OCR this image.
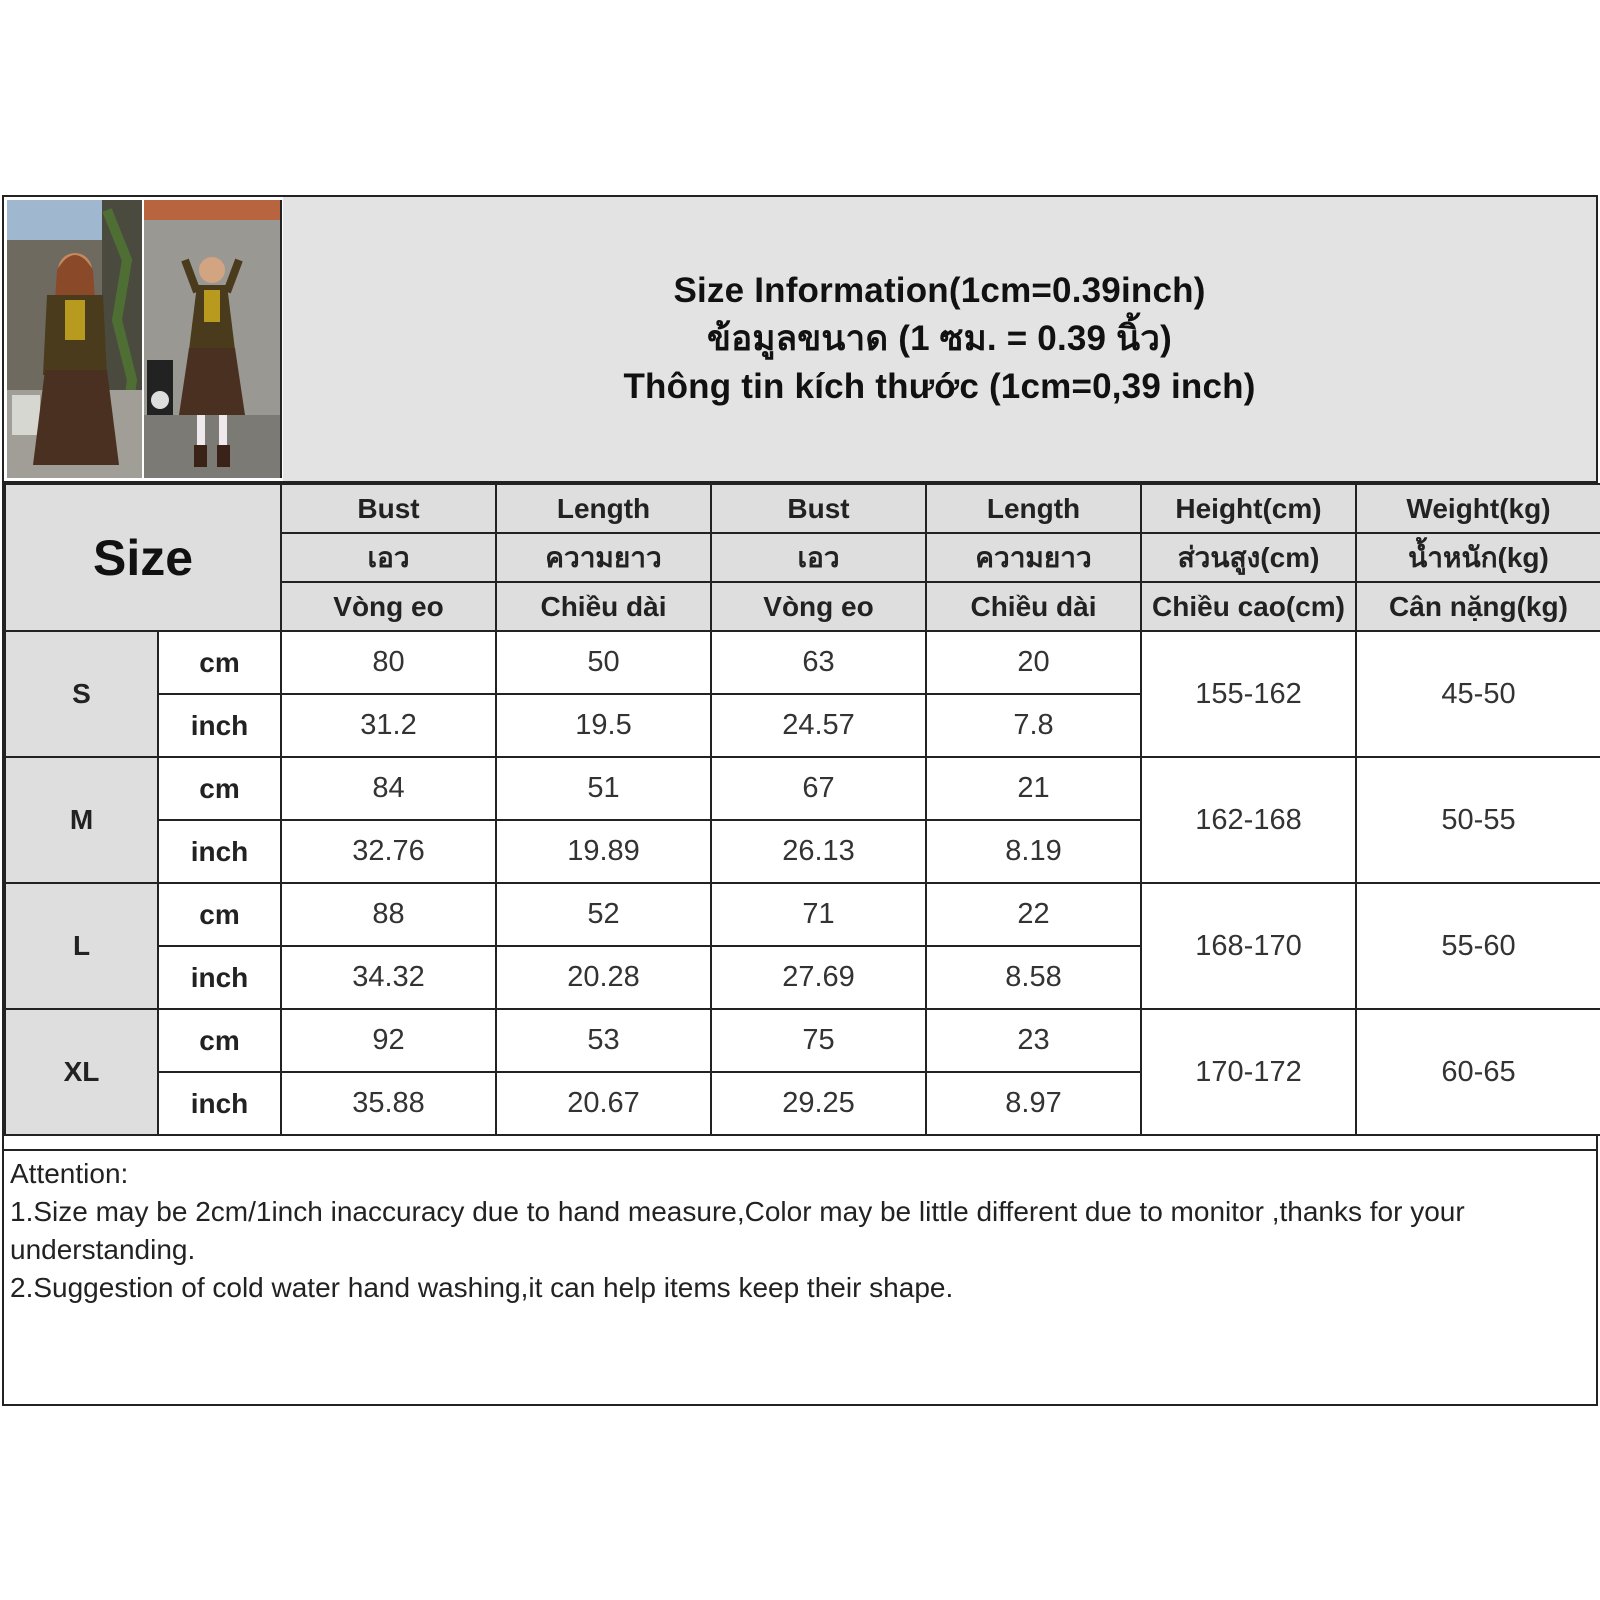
Size Information(1cm=0.39inch)
ข้อมูลขนาด (1 ซม. = 0.39 นิ้ว)
Thông tin kích thước (1cm=0,39 inch)
Size		Bust	Length	Bust	Length	Height(cm)	Weight(kg)
		เอว	ความยาว	เอว	ความยาว	ส่วนสูง(cm)	น้ำหนัก(kg)
		Vòng eo	Chiều dài	Vòng eo	Chiều dài	Chiều cao(cm)	Cân nặng(kg)
S	cm	80	50	63	20	155-162	45-50
	inch	31.2	19.5	24.57	7.8		
M	cm	84	51	67	21	162-168	50-55
	inch	32.76	19.89	26.13	8.19		
L	cm	88	52	71	22	168-170	55-60
	inch	34.32	20.28	27.69	8.58		
XL	cm	92	53	75	23	170-172	60-65
	inch	35.88	20.67	29.25	8.97		

Attention:

1.Size may be 2cm/1inch inaccuracy due to hand measure,Color may be little different due to monitor ,thanks for your understanding.

2.Suggestion of cold water hand washing,it can help items keep their shape.
